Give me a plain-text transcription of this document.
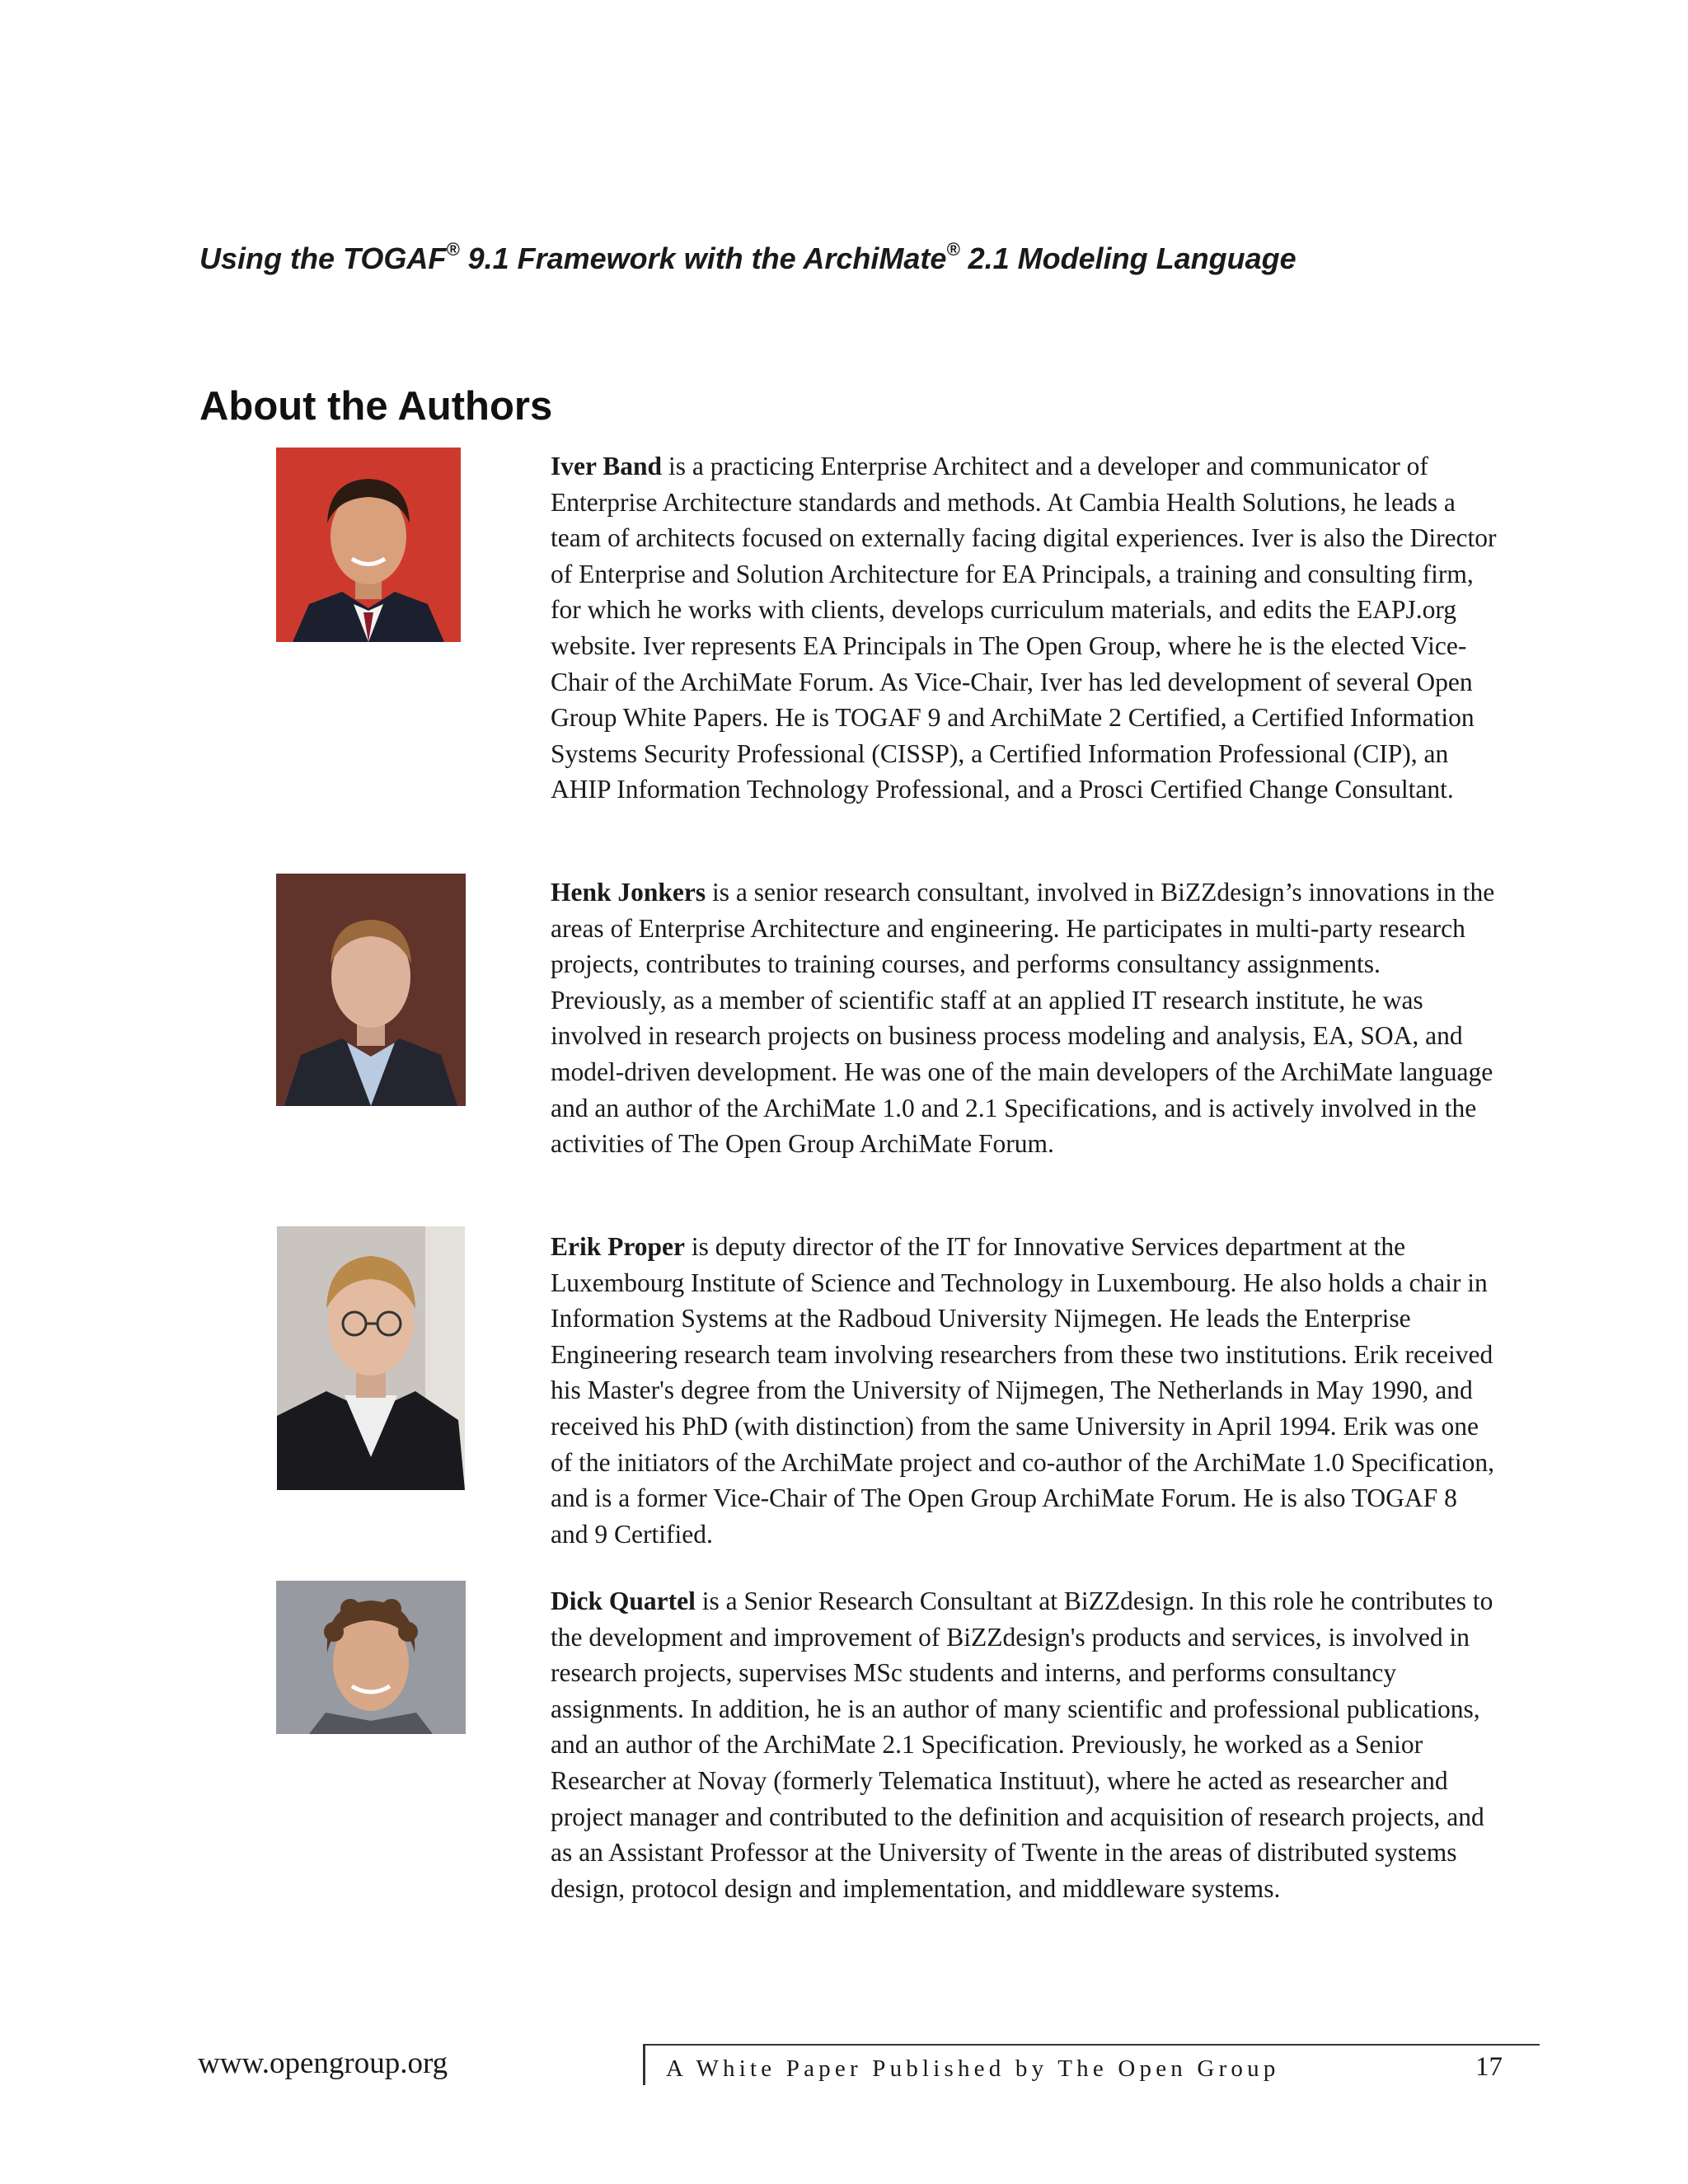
Using the TOGAF® 9.1 Framework with the ArchiMate® 2.1 Modeling Language
About the Authors
Iver Band is a practicing Enterprise Architect and a developer and communicator of Enterprise Architecture standards and methods. At Cambia Health Solutions, he leads a team of architects focused on externally facing digital experiences. Iver is also the Director of Enterprise and Solution Architecture for EA Principals, a training and consulting firm, for which he works with clients, develops curriculum materials, and edits the EAPJ.org website. Iver represents EA Principals in The Open Group, where he is the elected Vice-Chair of the ArchiMate Forum. As Vice-Chair, Iver has led development of several Open Group White Papers. He is TOGAF 9 and ArchiMate 2 Certified, a Certified Information Systems Security Professional (CISSP), a Certified Information Professional (CIP), an AHIP Information Technology Professional, and a Prosci Certified Change Consultant.
Henk Jonkers is a senior research consultant, involved in BiZZdesign’s innovations in the areas of Enterprise Architecture and engineering. He participates in multi-party research projects, contributes to training courses, and performs consultancy assignments. Previously, as a member of scientific staff at an applied IT research institute, he was involved in research projects on business process modeling and analysis, EA, SOA, and model-driven development. He was one of the main developers of the ArchiMate language and an author of the ArchiMate 1.0 and 2.1 Specifications, and is actively involved in the activities of The Open Group ArchiMate Forum.
Erik Proper is deputy director of the IT for Innovative Services department at the Luxembourg Institute of Science and Technology in Luxembourg. He also holds a chair in Information Systems at the Radboud University Nijmegen. He leads the Enterprise Engineering research team involving researchers from these two institutions. Erik received his Master's degree from the University of Nijmegen, The Netherlands in May 1990, and received his PhD (with distinction) from the same University in April 1994. Erik was one of the initiators of the ArchiMate project and co-author of the ArchiMate 1.0 Specification, and is a former Vice-Chair of The Open Group ArchiMate Forum. He is also TOGAF 8 and 9 Certified.
Dick Quartel is a Senior Research Consultant at BiZZdesign. In this role he contributes to the development and improvement of BiZZdesign's products and services, is involved in research projects, supervises MSc students and interns, and performs consultancy assignments. In addition, he is an author of many scientific and professional publications, and an author of the ArchiMate 2.1 Specification. Previously, he worked as a Senior Researcher at Novay (formerly Telematica Instituut), where he acted as researcher and project manager and contributed to the definition and acquisition of research projects, and as an Assistant Professor at the University of Twente in the areas of distributed systems design, protocol design and implementation, and middleware systems.
www.opengroup.org	A White Paper Published by The Open Group	17
